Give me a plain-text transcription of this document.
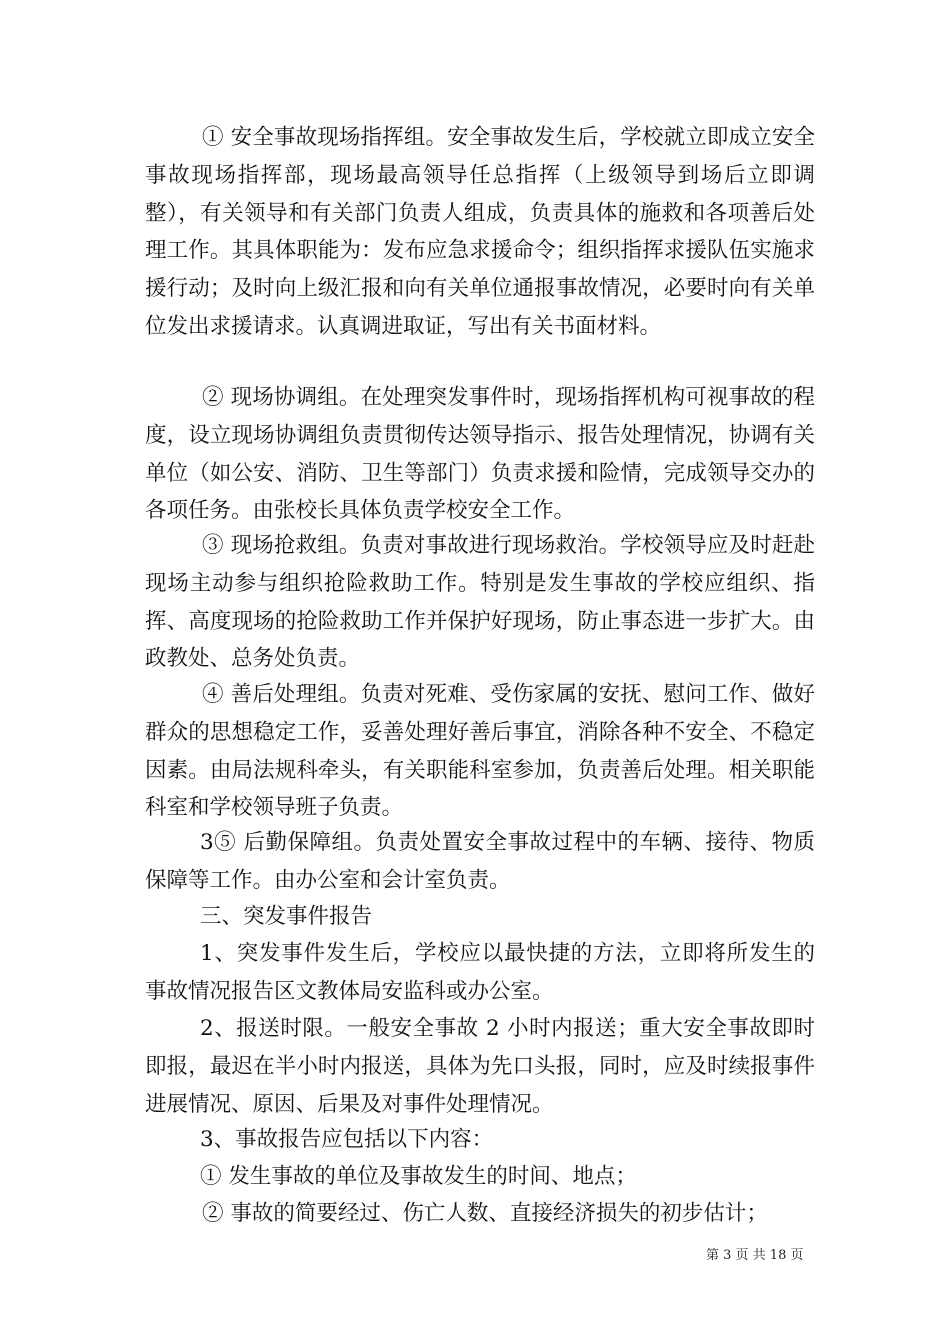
① 安全事故现场指挥组。安全事故发生后，学校就立即成立安全事故现场指挥部，现场最高领导任总指挥（上级领导到场后立即调整），有关领导和有关部门负责人组成，负责具体的施救和各项善后处理工作。其具体职能为：发布应急求援命令；组织指挥求援队伍实施求援行动；及时向上级汇报和向有关单位通报事故情况，必要时向有关单位发出求援请求。认真调进取证，写出有关书面材料。

② 现场协调组。在处理突发事件时，现场指挥机构可视事故的程度，设立现场协调组负责贯彻传达领导指示、报告处理情况，协调有关单位（如公安、消防、卫生等部门）负责求援和险情，完成领导交办的各项任务。由张校长具体负责学校安全工作。

③ 现场抢救组。负责对事故进行现场救治。学校领导应及时赶赴现场主动参与组织抢险救助工作。特别是发生事故的学校应组织、指挥、高度现场的抢险救助工作并保护好现场，防止事态进一步扩大。由政教处、总务处负责。

④ 善后处理组。负责对死难、受伤家属的安抚、慰问工作、做好群众的思想稳定工作，妥善处理好善后事宜，消除各种不安全、不稳定因素。由局法规科牵头，有关职能科室参加，负责善后处理。相关职能科室和学校领导班子负责。

3⑤ 后勤保障组。负责处置安全事故过程中的车辆、接待、物质保障等工作。由办公室和会计室负责。

三、突发事件报告

1、突发事件发生后，学校应以最快捷的方法，立即将所发生的事故情况报告区文教体局安监科或办公室。

2、报送时限。一般安全事故 2 小时内报送；重大安全事故即时即报，最迟在半小时内报送，具体为先口头报，同时，应及时续报事件进展情况、原因、后果及对事件处理情况。

3、事故报告应包括以下内容：

① 发生事故的单位及事故发生的时间、地点；

② 事故的简要经过、伤亡人数、直接经济损失的初步估计；

第 3 页 共 18 页
